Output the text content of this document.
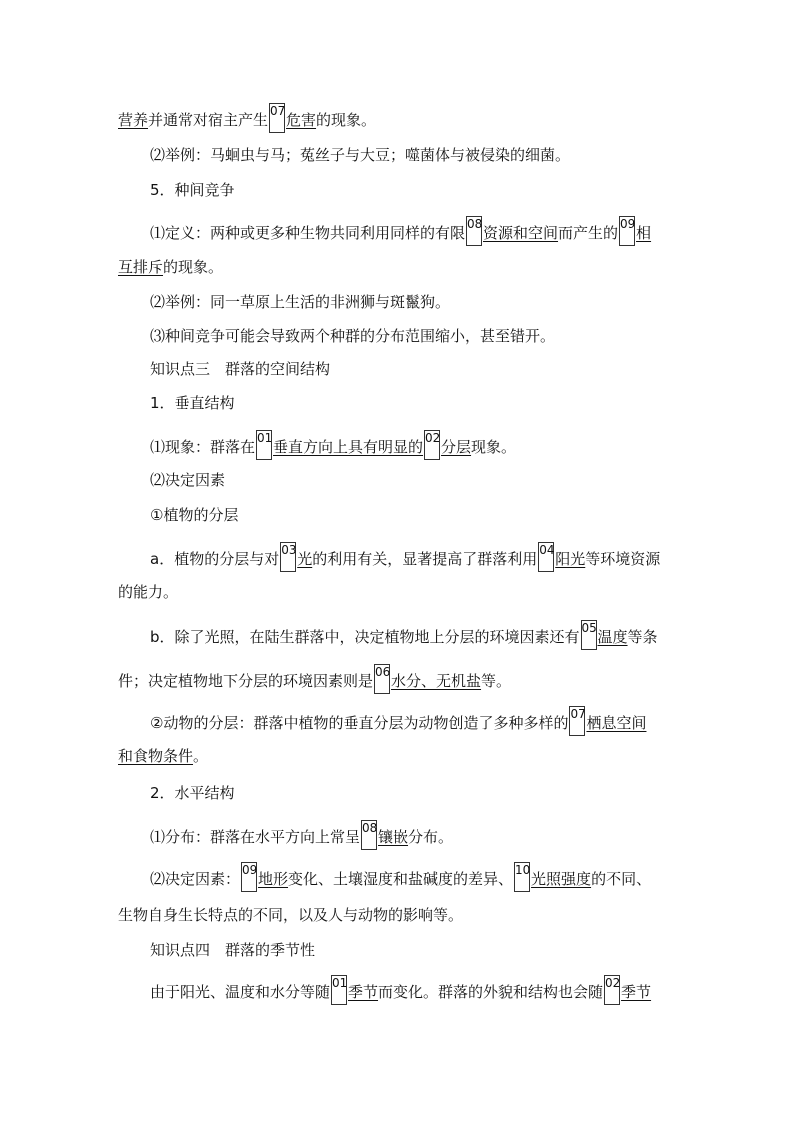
营养并通常对宿主产生 07 危害的现象。
⑵举例：马蛔虫与马；菟丝子与大豆；噬菌体与被侵染的细菌。
5．种间竞争
⑴定义：两种或更多种生物共同利用同样的有限 08 资源和空间而产生的 09 相
互排斥的现象。
⑵举例：同一草原上生活的非洲狮与斑鬣狗。
⑶种间竞争可能会导致两个种群的分布范围缩小，甚至错开。
知识点三　群落的空间结构
1．垂直结构
⑴现象：群落在 01 垂直方向上具有明显的 02 分层现象。
⑵决定因素
①植物的分层
a．植物的分层与对 03 光的利用有关，显著提高了群落利用 04 阳光等环境资源
的能力。
b．除了光照，在陆生群落中，决定植物地上分层的环境因素还有 05 温度等条
件；决定植物地下分层的环境因素则是 06 水分、无机盐等。
②动物的分层：群落中植物的垂直分层为动物创造了多种多样的 07 栖息空间
和食物条件。
2．水平结构
⑴分布：群落在水平方向上常呈 08 镶嵌分布。
⑵决定因素： 09 地形变化、土壤湿度和盐碱度的差异、 10 光照强度的不同、
生物自身生长特点的不同，以及人与动物的影响等。
知识点四　群落的季节性
由于阳光、温度和水分等随 01 季节而变化。群落的外貌和结构也会随 02 季节
